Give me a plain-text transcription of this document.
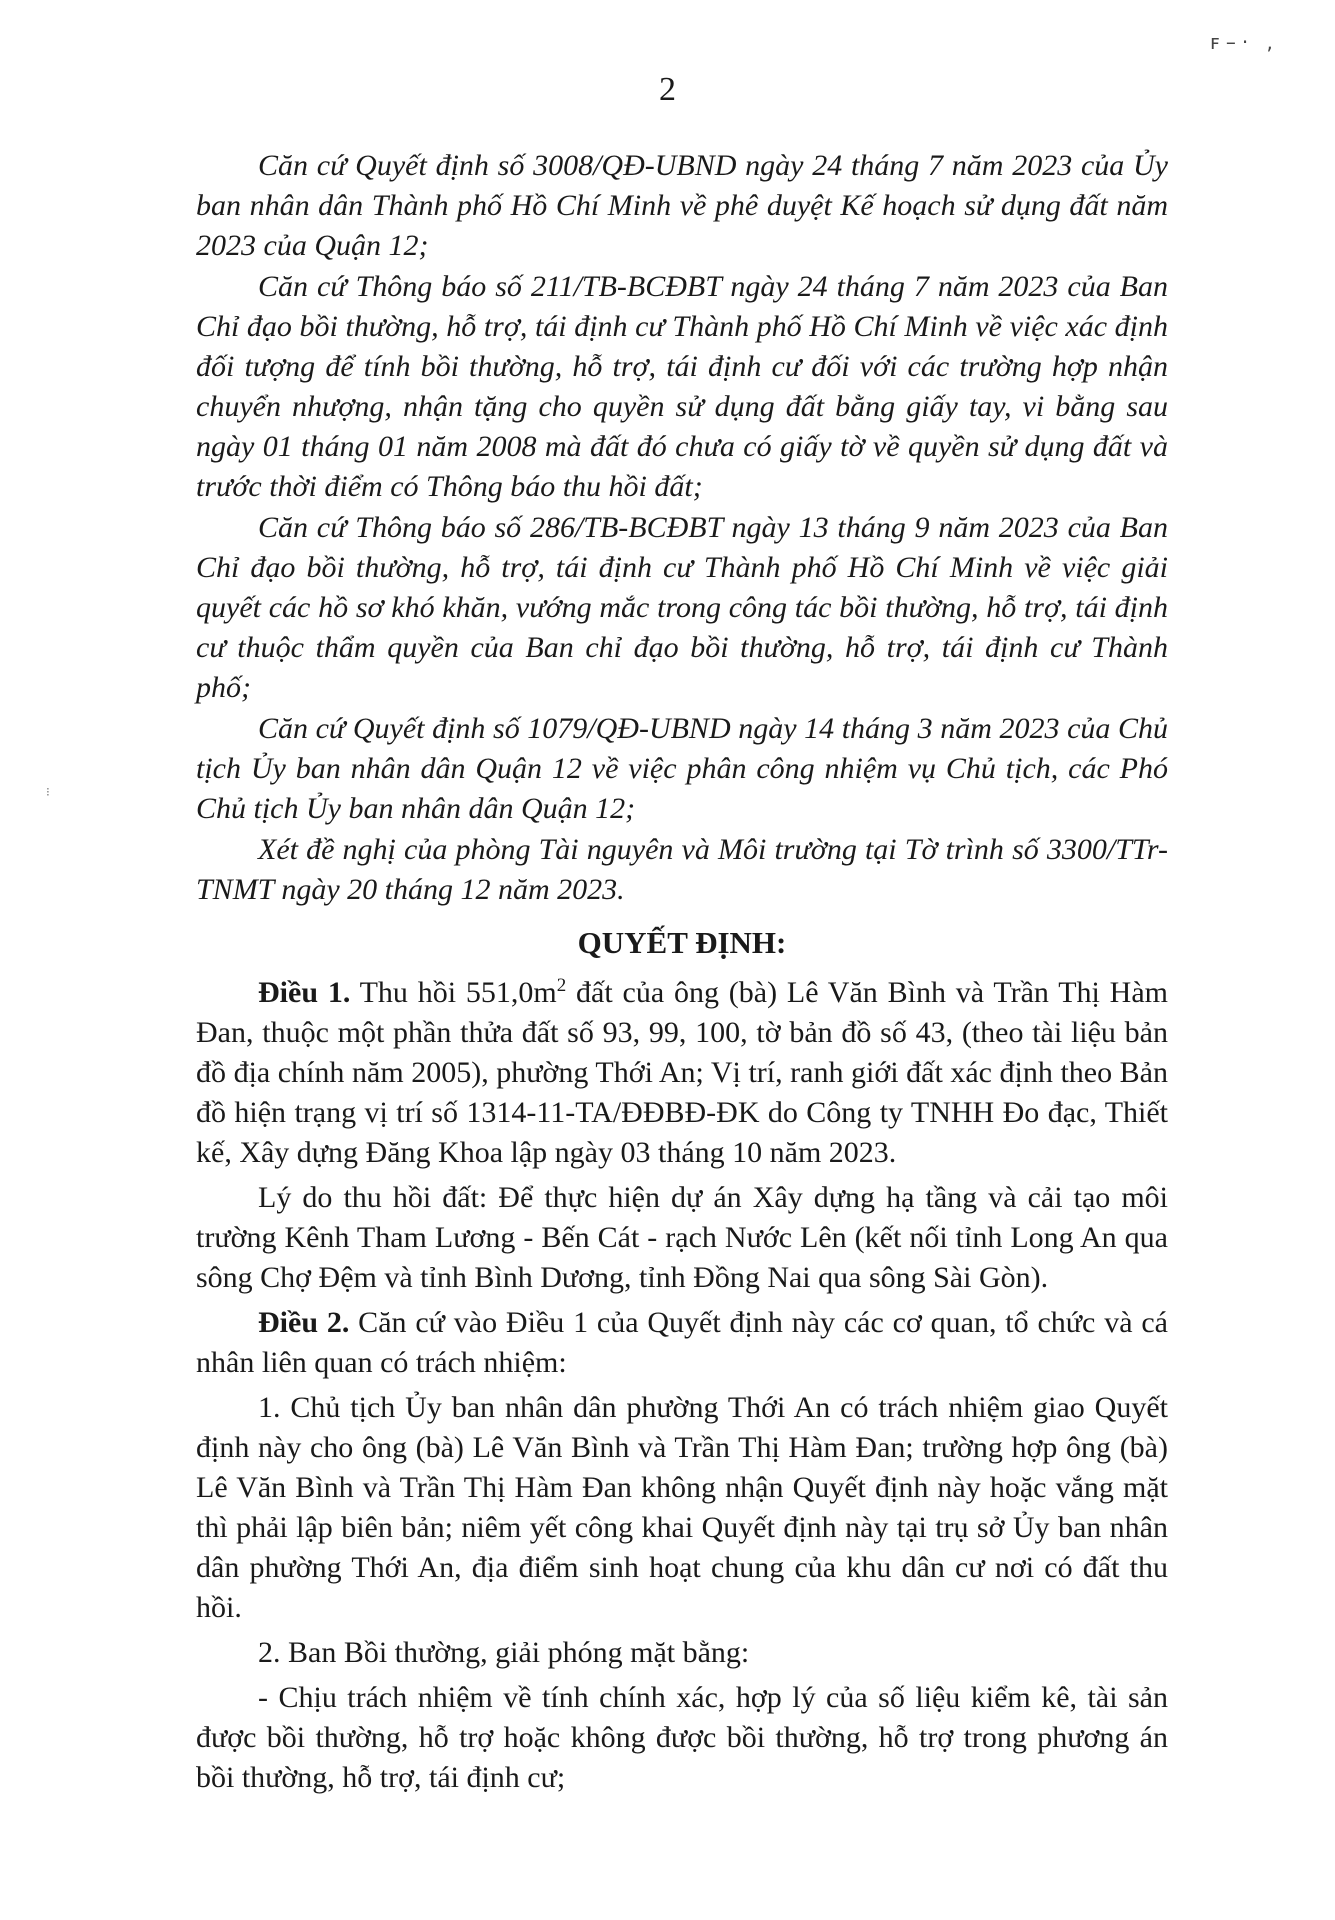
ꜰ–· ,
⁝
2

Căn cứ Quyết định số 3008/QĐ-UBND ngày 24 tháng 7 năm 2023 của Ủy ban nhân dân Thành phố Hồ Chí Minh về phê duyệt Kế hoạch sử dụng đất năm 2023 của Quận 12;

Căn cứ Thông báo số 211/TB-BCĐBT ngày 24 tháng 7 năm 2023 của Ban Chỉ đạo bồi thường, hỗ trợ, tái định cư Thành phố Hồ Chí Minh về việc xác định đối tượng để tính bồi thường, hỗ trợ, tái định cư đối với các trường hợp nhận chuyển nhượng, nhận tặng cho quyền sử dụng đất bằng giấy tay, vi bằng sau ngày 01 tháng 01 năm 2008 mà đất đó chưa có giấy tờ về quyền sử dụng đất và trước thời điểm có Thông báo thu hồi đất;

Căn cứ Thông báo số 286/TB-BCĐBT ngày 13 tháng 9 năm 2023 của Ban Chỉ đạo bồi thường, hỗ trợ, tái định cư Thành phố Hồ Chí Minh về việc giải quyết các hồ sơ khó khăn, vướng mắc trong công tác bồi thường, hỗ trợ, tái định cư thuộc thẩm quyền của Ban chỉ đạo bồi thường, hỗ trợ, tái định cư Thành phố;

Căn cứ Quyết định số 1079/QĐ-UBND ngày 14 tháng 3 năm 2023 của Chủ tịch Ủy ban nhân dân Quận 12 về việc phân công nhiệm vụ Chủ tịch, các Phó Chủ tịch Ủy ban nhân dân Quận 12;

Xét đề nghị của phòng Tài nguyên và Môi trường tại Tờ trình số 3300/TTr-TNMT ngày 20 tháng 12 năm 2023.

QUYẾT ĐỊNH:

Điều 1. Thu hồi $551,0m^2$ đất của ông (bà) Lê Văn Bình và Trần Thị Hàm Đan, thuộc một phần thửa đất số 93, 99, 100, tờ bản đồ số 43, (theo tài liệu bản đồ địa chính năm 2005), phường Thới An; Vị trí, ranh giới đất xác định theo Bản đồ hiện trạng vị trí số 1314-11-TA/ĐĐBĐ-ĐK do Công ty TNHH Đo đạc, Thiết kế, Xây dựng Đăng Khoa lập ngày 03 tháng 10 năm 2023.

Lý do thu hồi đất: Để thực hiện dự án Xây dựng hạ tầng và cải tạo môi trường Kênh Tham Lương - Bến Cát - rạch Nước Lên (kết nối tỉnh Long An qua sông Chợ Đệm và tỉnh Bình Dương, tỉnh Đồng Nai qua sông Sài Gòn).

Điều 2. Căn cứ vào Điều 1 của Quyết định này các cơ quan, tổ chức và cá nhân liên quan có trách nhiệm:

1. Chủ tịch Ủy ban nhân dân phường Thới An có trách nhiệm giao Quyết định này cho ông (bà) Lê Văn Bình và Trần Thị Hàm Đan; trường hợp ông (bà) Lê Văn Bình và Trần Thị Hàm Đan không nhận Quyết định này hoặc vắng mặt thì phải lập biên bản; niêm yết công khai Quyết định này tại trụ sở Ủy ban nhân dân phường Thới An, địa điểm sinh hoạt chung của khu dân cư nơi có đất thu hồi.

2. Ban Bồi thường, giải phóng mặt bằng:

- Chịu trách nhiệm về tính chính xác, hợp lý của số liệu kiểm kê, tài sản được bồi thường, hỗ trợ hoặc không được bồi thường, hỗ trợ trong phương án bồi thường, hỗ trợ, tái định cư;
